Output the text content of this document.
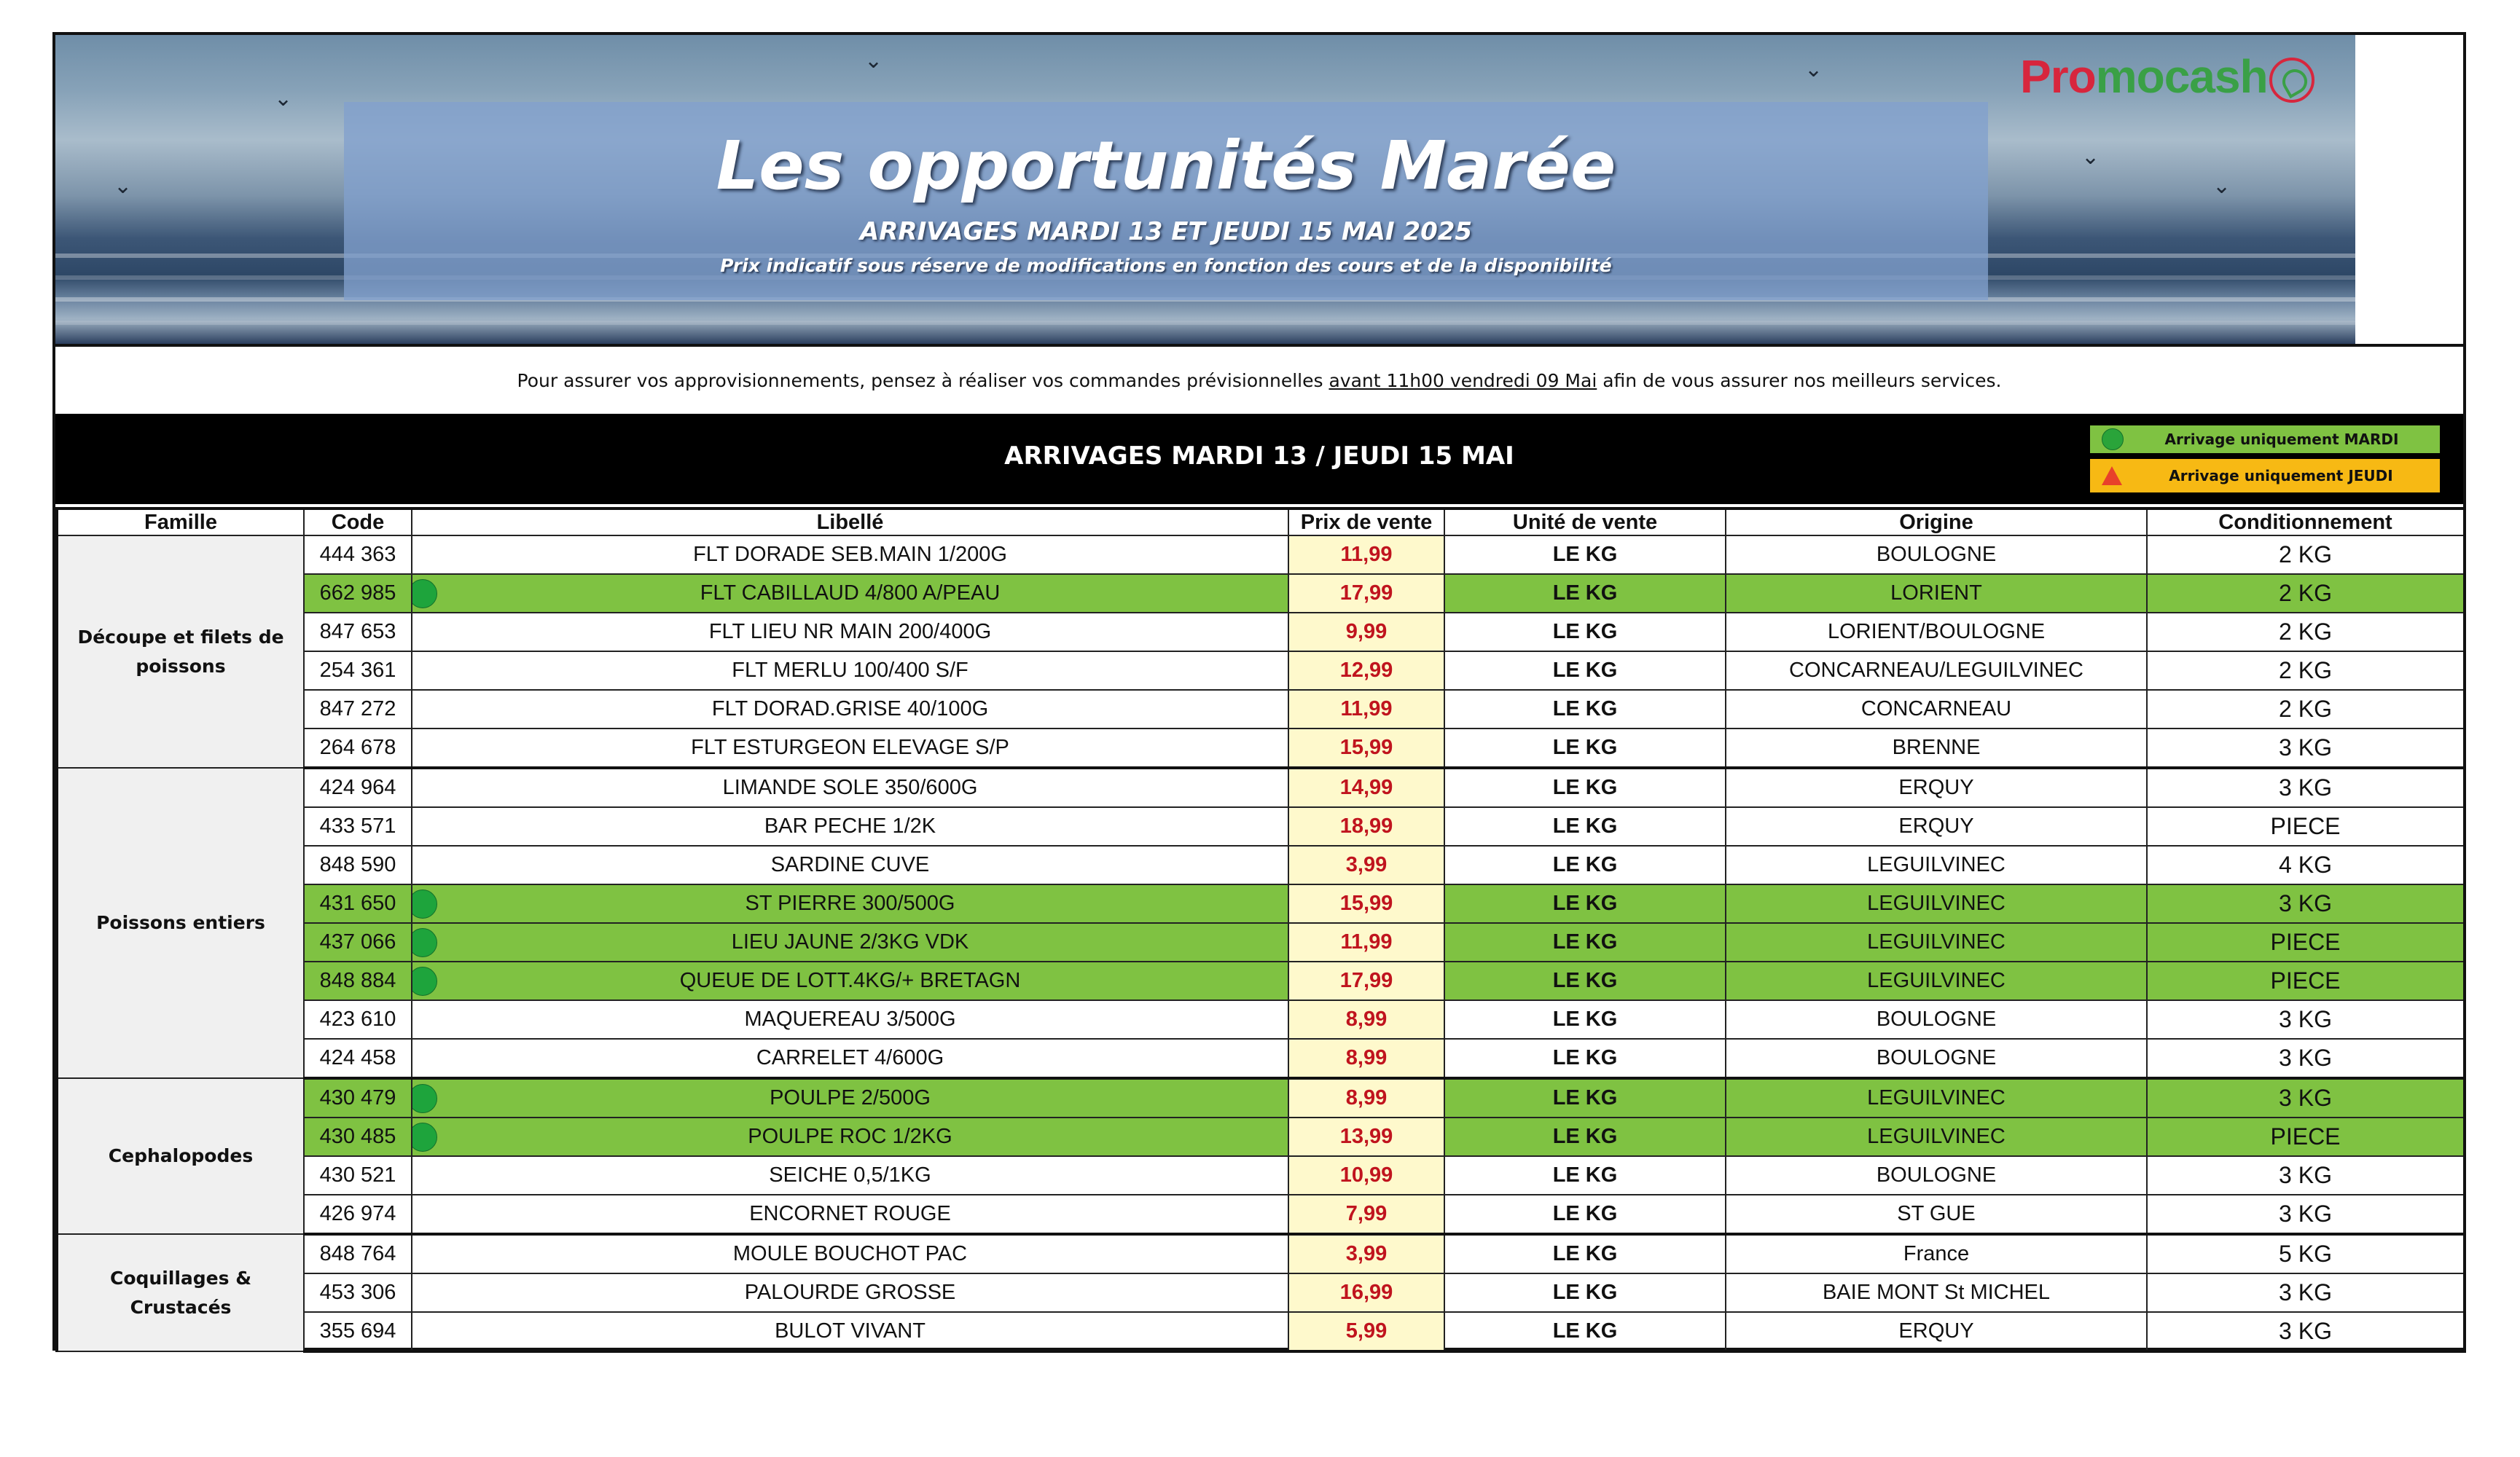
⌄
⌄
⌄
⌄
⌄
⌄
Les opportunités Marée
ARRIVAGES MARDI 13 ET JEUDI 15 MAI 2025
Prix indicatif sous réserve de modifications en fonction des cours et de la disponibilité
Promocash
Pour assurer vos approvisionnements, pensez à réaliser vos commandes prévisionnelles
avant 11h00 vendredi 09 Mai
afin de vous assurer nos meilleurs services.
ARRIVAGES MARDI 13 / JEUDI 15 MAI
Arrivage uniquement MARDI
Arrivage uniquement JEUDI
Famille	Code	Libellé	Prix de vente	Unité de vente	Origine	Conditionnement
Découpe et filets de poissons	444 363	FLT DORADE SEB.MAIN 1/200G	11,99	LE KG	BOULOGNE	2 KG
	662 985	FLT CABILLAUD 4/800 A/PEAU	17,99	LE KG	LORIENT	2 KG
	847 653	FLT LIEU NR MAIN 200/400G	9,99	LE KG	LORIENT/BOULOGNE	2 KG
	254 361	FLT MERLU 100/400 S/F	12,99	LE KG	CONCARNEAU/LEGUILVINEC	2 KG
	847 272	FLT DORAD.GRISE 40/100G	11,99	LE KG	CONCARNEAU	2 KG
	264 678	FLT ESTURGEON ELEVAGE S/P	15,99	LE KG	BRENNE	3 KG
Poissons entiers	424 964	LIMANDE SOLE 350/600G	14,99	LE KG	ERQUY	3 KG
	433 571	BAR PECHE 1/2K	18,99	LE KG	ERQUY	PIECE
	848 590	SARDINE CUVE	3,99	LE KG	LEGUILVINEC	4 KG
	431 650	ST PIERRE 300/500G	15,99	LE KG	LEGUILVINEC	3 KG
	437 066	LIEU JAUNE 2/3KG VDK	11,99	LE KG	LEGUILVINEC	PIECE
	848 884	QUEUE DE LOTT.4KG/+ BRETAGN	17,99	LE KG	LEGUILVINEC	PIECE
	423 610	MAQUEREAU 3/500G	8,99	LE KG	BOULOGNE	3 KG
	424 458	CARRELET 4/600G	8,99	LE KG	BOULOGNE	3 KG
Cephalopodes	430 479	POULPE 2/500G	8,99	LE KG	LEGUILVINEC	3 KG
	430 485	POULPE ROC 1/2KG	13,99	LE KG	LEGUILVINEC	PIECE
	430 521	SEICHE 0,5/1KG	10,99	LE KG	BOULOGNE	3 KG
	426 974	ENCORNET ROUGE	7,99	LE KG	ST GUE	3 KG
Coquillages & Crustacés	848 764	MOULE BOUCHOT PAC	3,99	LE KG	France	5 KG
	453 306	PALOURDE GROSSE	16,99	LE KG	BAIE MONT St MICHEL	3 KG
	355 694	BULOT VIVANT	5,99	LE KG	ERQUY	3 KG
